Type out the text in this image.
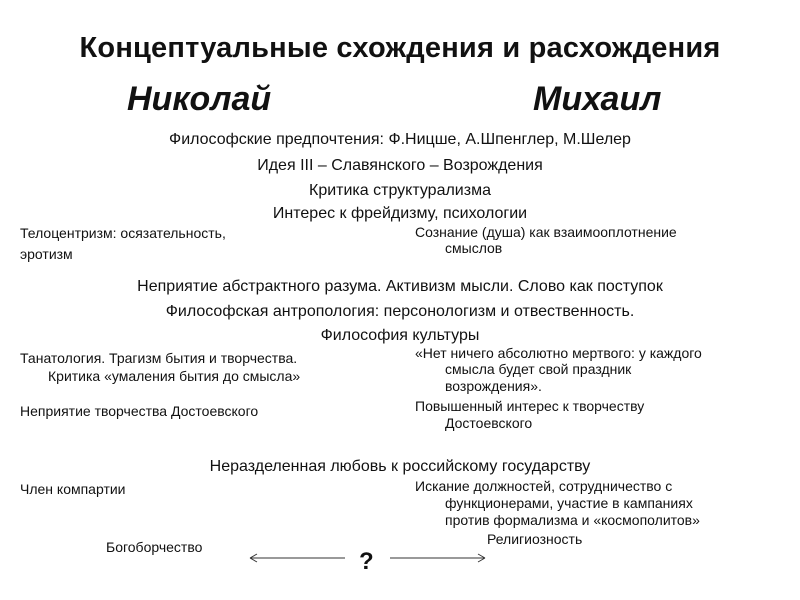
Концептуальные схождения и расхождения
Николай	Михаил
Философские предпочтения: Ф.Ницше, А.Шпенглер, М.Шелер
Идея III – Славянского – Возрождения
Критика структурализма
Интерес к фрейдизму, психологии
Телоцентризм: осязательность,
эротизм
Сознание (душа) как взаимооплотнение
смыслов
Неприятие абстрактного разума. Активизм мысли. Слово как поступок
Философская антропология: персонологизм и отвественность.
Философия культуры
Танатология. Трагизм бытия и творчества.
Критика «умаления бытия до смысла»
Неприятие творчества Достоевского
«Нет ничего абсолютно мертвого: у каждого
смысла будет свой праздник
возрождения».
Повышенный интерес к творчеству
Достоевского
Неразделенная любовь к российскому государству
Член компартии	Искание должностей, сотрудничество с
функционерами, участие в кампаниях
против формализма и «космополитов»
Богоборчество	Религиозность
?
